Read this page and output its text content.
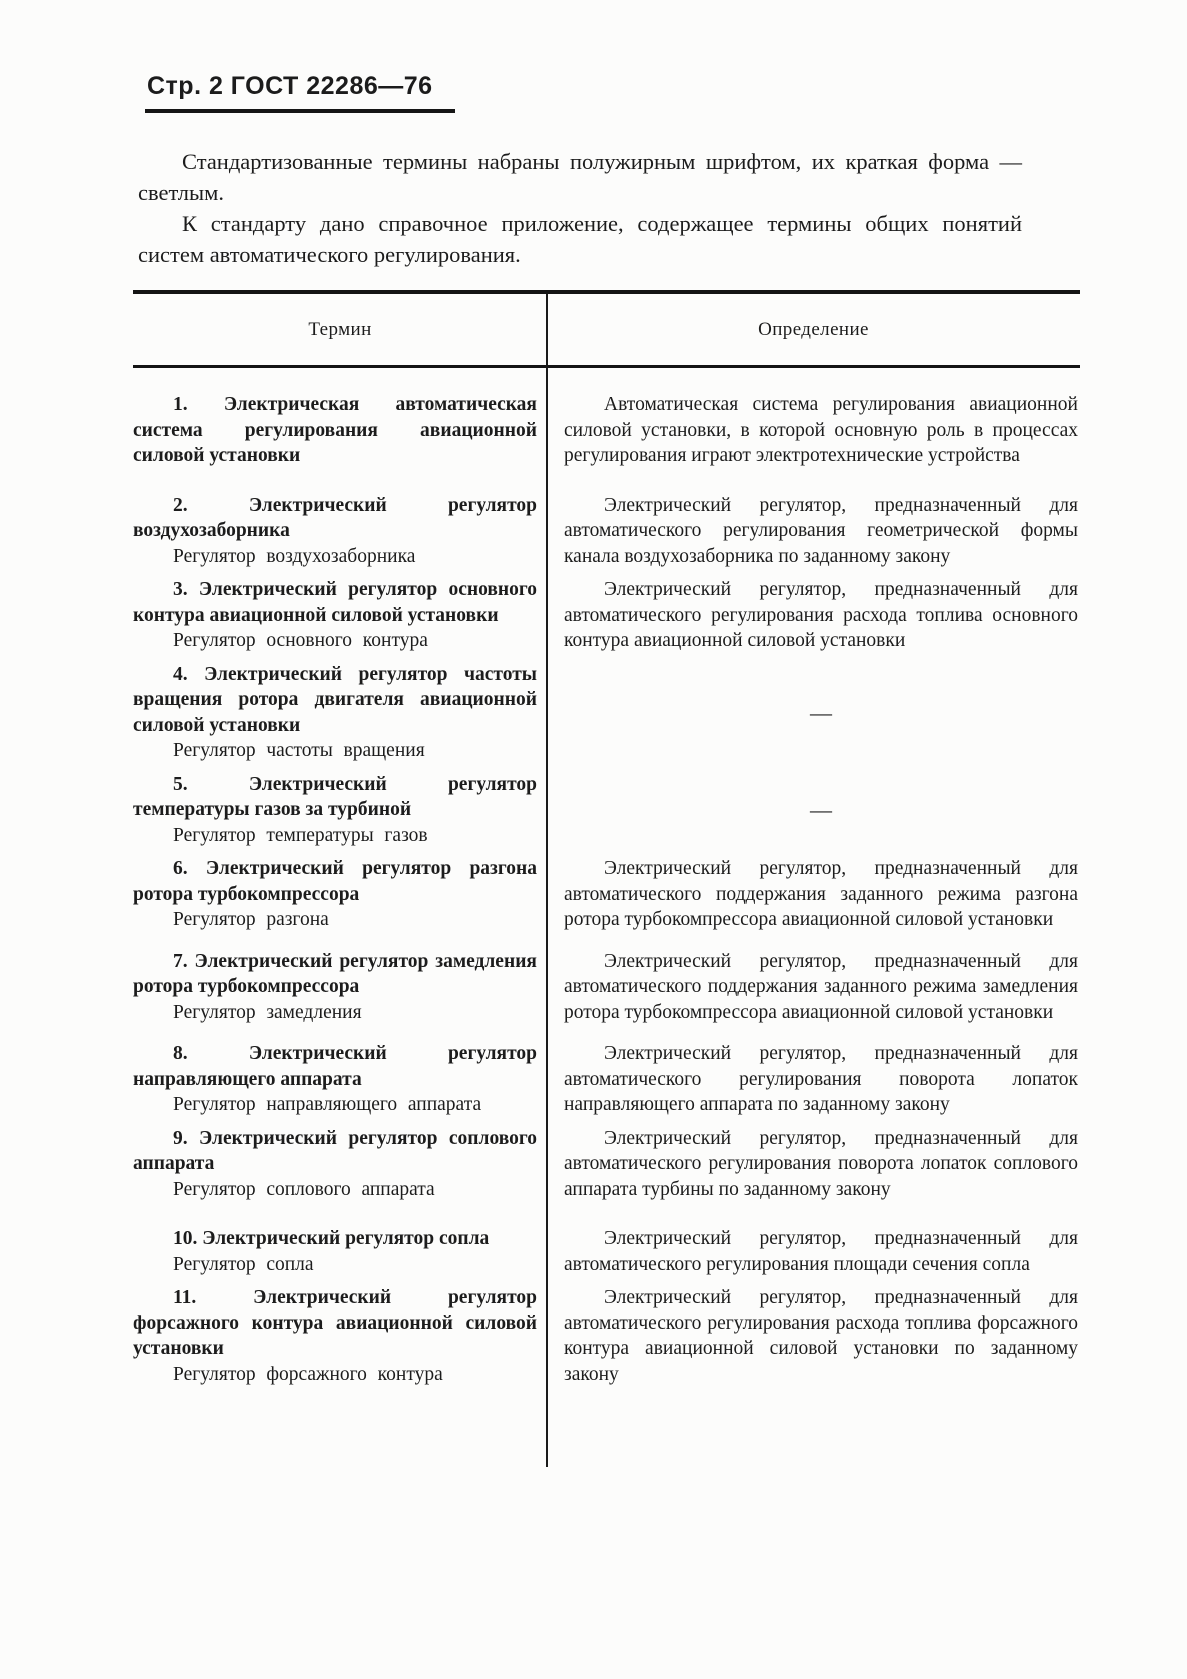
Стр. 2 ГОСТ 22286—76

Стандартизованные термины набраны полужирным шрифтом, их краткая форма — светлым.

К стандарту дано справочное приложение, содержащее термины общих понятий систем автоматического регулирования.

Термин	Определение

1. Электрическая автоматическая система регулирования авиационной силовой установки

Автоматическая система регулирования авиационной силовой установки, в которой основную роль в процессах регулирования играют электротехнические устройства

2. Электрический регулятор воздухозаборника

Регулятор воздухозаборника

Электрический регулятор, предназначенный для автоматического регулирования геометрической формы канала воздухозаборника по заданному закону

3. Электрический регулятор основного контура авиационной силовой установки

Регулятор основного контура

Электрический регулятор, предназначенный для автоматического регулирования расхода топлива основного контура авиационной силовой установки

4. Электрический регулятор частоты вращения ротора двигателя авиационной силовой установки

Регулятор частоты вращения

—

5. Электрический регулятор температуры газов за турбиной

Регулятор температуры газов

—

6. Электрический регулятор разгона ротора турбокомпрессора

Регулятор разгона

Электрический регулятор, предназначенный для автоматического поддержания заданного режима разгона ротора турбокомпрессора авиационной силовой установки

7. Электрический регулятор замедления ротора турбокомпрессора

Регулятор замедления

Электрический регулятор, предназначенный для автоматического поддержания заданного режима замедления ротора турбокомпрессора авиационной силовой установки

8. Электрический регулятор направляющего аппарата

Регулятор направляющего аппарата

Электрический регулятор, предназначенный для автоматического регулирования поворота лопаток направляющего аппарата по заданному закону

9. Электрический регулятор соплового аппарата

Регулятор соплового аппарата

Электрический регулятор, предназначенный для автоматического регулирования поворота лопаток соплового аппарата турбины по заданному закону

10. Электрический регулятор сопла

Регулятор сопла

Электрический регулятор, предназначенный для автоматического регулирования площади сечения сопла

11. Электрический регулятор форсажного контура авиационной силовой установки

Регулятор форсажного контура

Электрический регулятор, предназначенный для автоматического регулирования расхода топлива форсажного контура авиационной силовой установки по заданному закону
